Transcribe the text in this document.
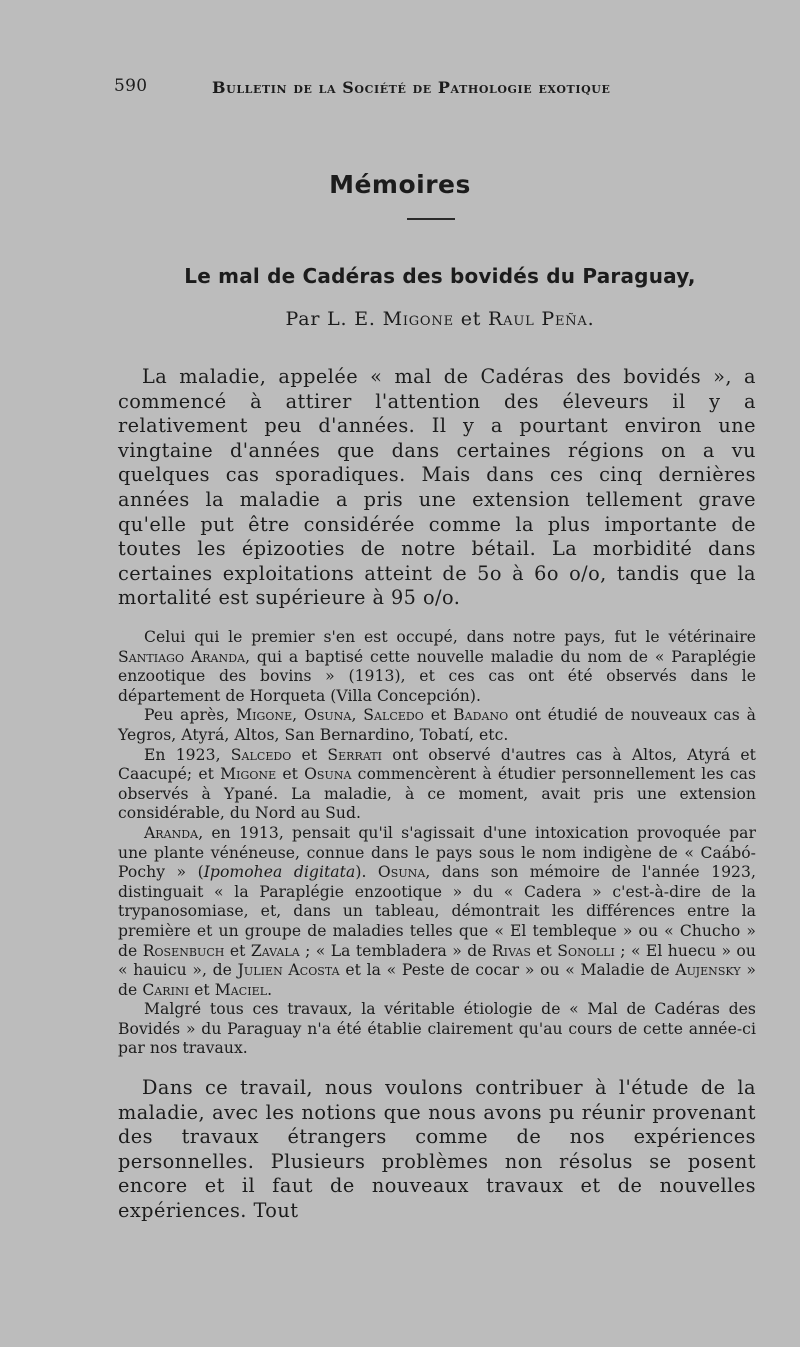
590	Bulletin de la Société de Pathologie exotique
Mémoires
Le mal de Cadéras des bovidés du Paraguay,
Par L. E. Migone et Raul Peña.

La maladie, appelée « mal de Cadéras des bovidés », a commencé à attirer l'attention des éleveurs il y a relativement peu d'années. Il y a pourtant environ une vingtaine d'années que dans certaines régions on a vu quelques cas sporadiques. Mais dans ces cinq dernières années la maladie a pris une extension tellement grave qu'elle put être considérée comme la plus importante de toutes les épizooties de notre bétail. La morbidité dans certaines exploitations atteint de 5o à 6o o/o, tandis que la mortalité est supérieure à 95 o/o.

Celui qui le premier s'en est occupé, dans notre pays, fut le vétérinaire Santiago Aranda, qui a baptisé cette nouvelle maladie du nom de « Paraplégie enzootique des bovins » (1913), et ces cas ont été observés dans le département de Horqueta (Villa Concepción).

Peu après, Migone, Osuna, Salcedo et Badano ont étudié de nouveaux cas à Yegros, Atyrá, Altos, San Bernardino, Tobatí, etc.

En 1923, Salcedo et Serrati ont observé d'autres cas à Altos, Atyrá et Caacupé; et Migone et Osuna commencèrent à étudier personnellement les cas observés à Ypané. La maladie, à ce moment, avait pris une extension considérable, du Nord au Sud.

Aranda, en 1913, pensait qu'il s'agissait d'une intoxication provoquée par une plante vénéneuse, connue dans le pays sous le nom indigène de « Caábó-Pochy » (Ipomohea digitata). Osuna, dans son mémoire de l'année 1923, distinguait « la Paraplégie enzootique » du « Cadera » c'est-à-dire de la trypanosomiase, et, dans un tableau, démontrait les différences entre la première et un groupe de maladies telles que « El tembleque » ou « Chucho » de Rosenbuch et Zavala ; « La tembladera » de Rivas et Sonolli ; « El huecu » ou « hauicu », de Julien Acosta et la « Peste de cocar » ou « Maladie de Aujensky » de Carini et Maciel.

Malgré tous ces travaux, la véritable étiologie de « Mal de Cadéras des Bovidés » du Paraguay n'a été établie clairement qu'au cours de cette année-ci par nos travaux.

Dans ce travail, nous voulons contribuer à l'étude de la maladie, avec les notions que nous avons pu réunir provenant des travaux étrangers comme de nos expériences personnelles. Plusieurs problèmes non résolus se posent encore et il faut de nouveaux travaux et de nouvelles expériences. Tout
